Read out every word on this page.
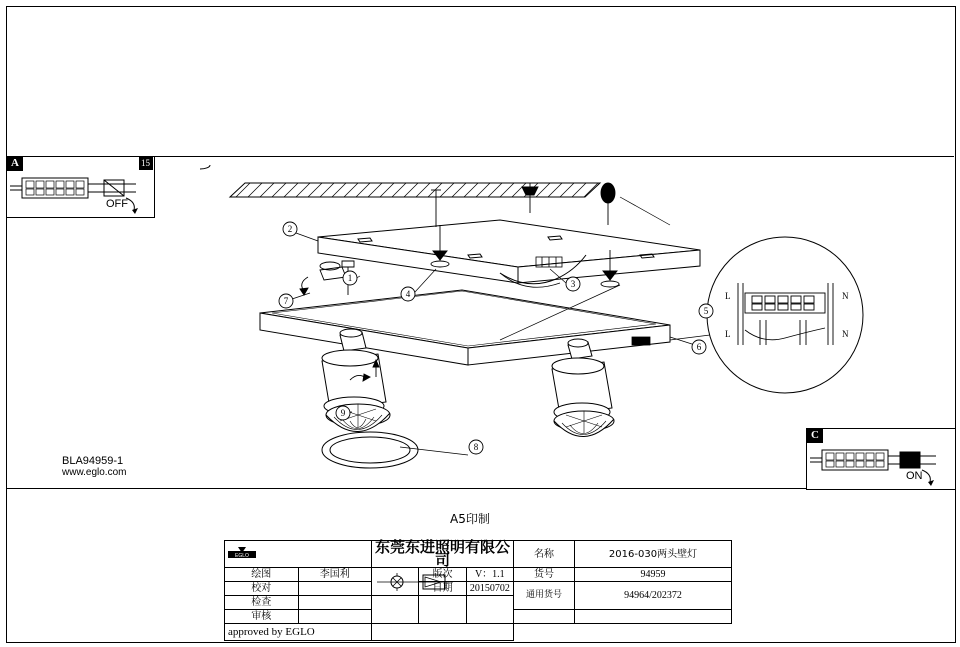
A	15
OFF
C
ON
2
1
7
4
3
5
6
8
9
L	N
L	N
BLA94959-1
www.eglo.com
A5印制
EGLO		东莞东进照明有限公司			名称	2016-030两头壁灯

绘图	李国利		版次	V：1.1	货号	94959
校对			日期	20150702	通用货号	94964/202372
检查						
审核						
approved by EGLO						
